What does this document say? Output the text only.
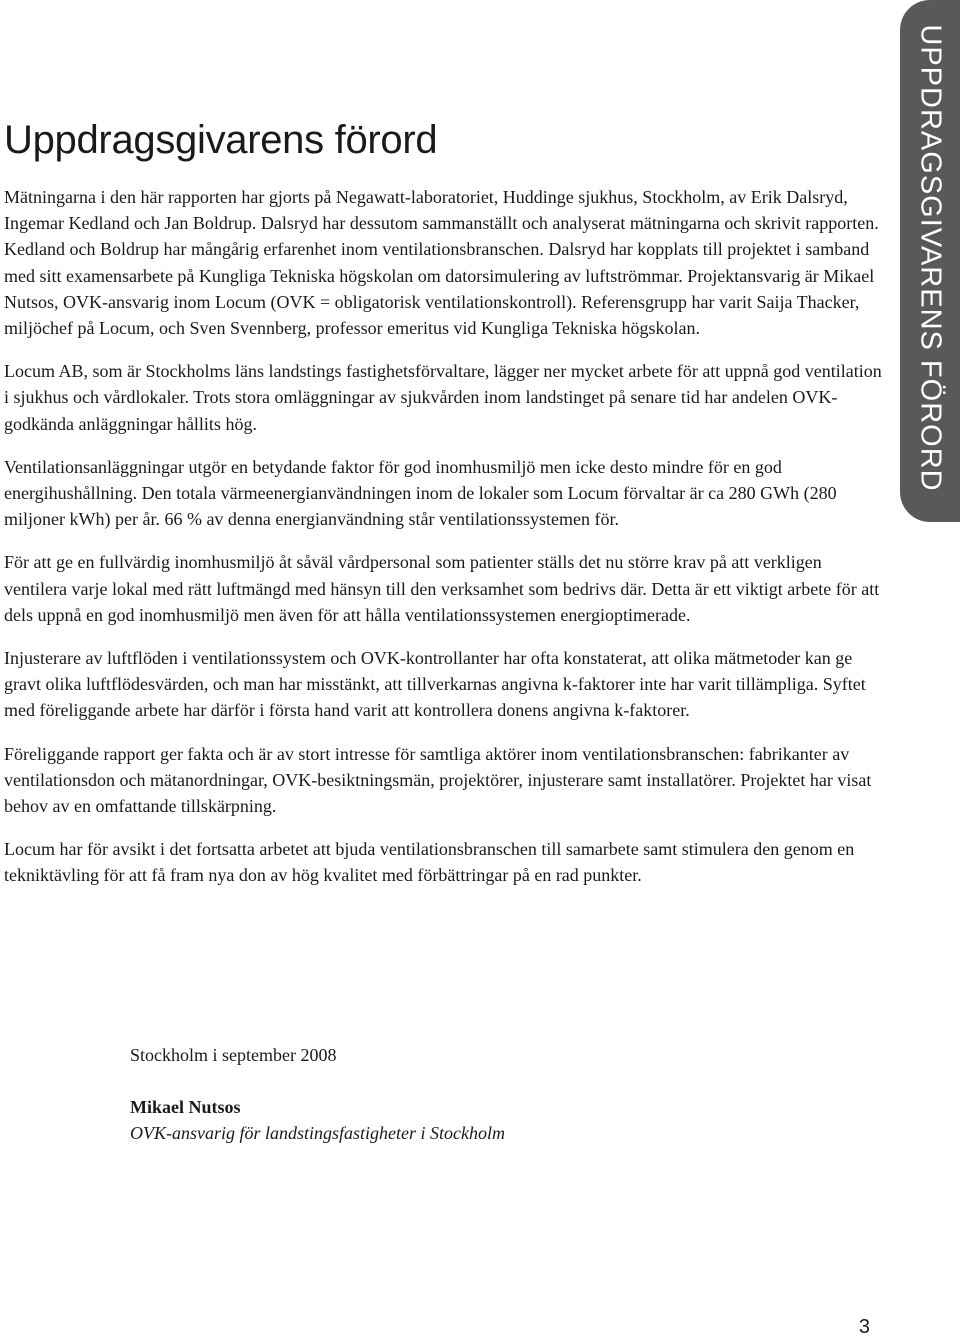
UPPDRAGSGIVARENS FÖRORD
Uppdragsgivarens förord

Mätningarna i den här rapporten har gjorts på Negawatt-laboratoriet, Huddinge sjukhus, Stockholm, av Erik Dalsryd, Ingemar Kedland och Jan Boldrup. Dalsryd har dessutom sammanställt och analyserat mätningarna och skrivit rapporten. Kedland och Boldrup har mångårig erfarenhet inom ventilationsbranschen. Dalsryd har kopplats till projektet i samband med sitt examensarbete på Kungliga Tekniska högskolan om datorsimulering av luftströmmar. Projektansvarig är Mikael Nutsos, OVK-ansvarig inom Locum (OVK = obligatorisk ventilationskontroll). Referensgrupp har varit Saija Thacker, miljöchef på Locum, och Sven Svennberg, professor emeritus vid Kungliga Tekniska högskolan.

Locum AB, som är Stockholms läns landstings fastighetsförvaltare, lägger ner mycket arbete för att uppnå god ventilation i sjukhus och vårdlokaler. Trots stora omläggningar av sjukvården inom landstinget på senare tid har andelen OVK-godkända anläggningar hållits hög.

Ventilationsanläggningar utgör en betydande faktor för god inomhusmiljö men icke desto mindre för en god energihushållning. Den totala värmeenergianvändningen inom de lokaler som Locum förvaltar är ca 280 GWh (280 miljoner kWh) per år. 66 % av denna energianvändning står ventilationssystemen för.

För att ge en fullvärdig inomhusmiljö åt såväl vårdpersonal som patienter ställs det nu större krav på att verkligen ventilera varje lokal med rätt luftmängd med hänsyn till den verksamhet som bedrivs där. Detta är ett viktigt arbete för att dels uppnå en god inomhusmiljö men även för att hålla ventilationssystemen energioptimerade.

Injusterare av luftflöden i ventilationssystem och OVK-kontrollanter har ofta konstaterat, att olika mätmetoder kan ge gravt olika luftflödesvärden, och man har misstänkt, att tillverkarnas angivna k-faktorer inte har varit tillämpliga. Syftet med föreliggande arbete har därför i första hand varit att kontrollera donens angivna k-faktorer.

Föreliggande rapport ger fakta och är av stort intresse för samtliga aktörer inom ventilationsbranschen: fabrikanter av ventilationsdon och mätanordningar, OVK-besiktningsmän, projektörer, injusterare samt installatörer. Projektet har visat behov av en omfattande tillskärpning.

Locum har för avsikt i det fortsatta arbetet att bjuda ventilationsbranschen till samarbete samt stimulera den genom en tekniktävling för att få fram nya don av hög kvalitet med förbättringar på en rad punkter.

Stockholm i september 2008

Mikael Nutsos

OVK-ansvarig för landstingsfastigheter i Stockholm

3
